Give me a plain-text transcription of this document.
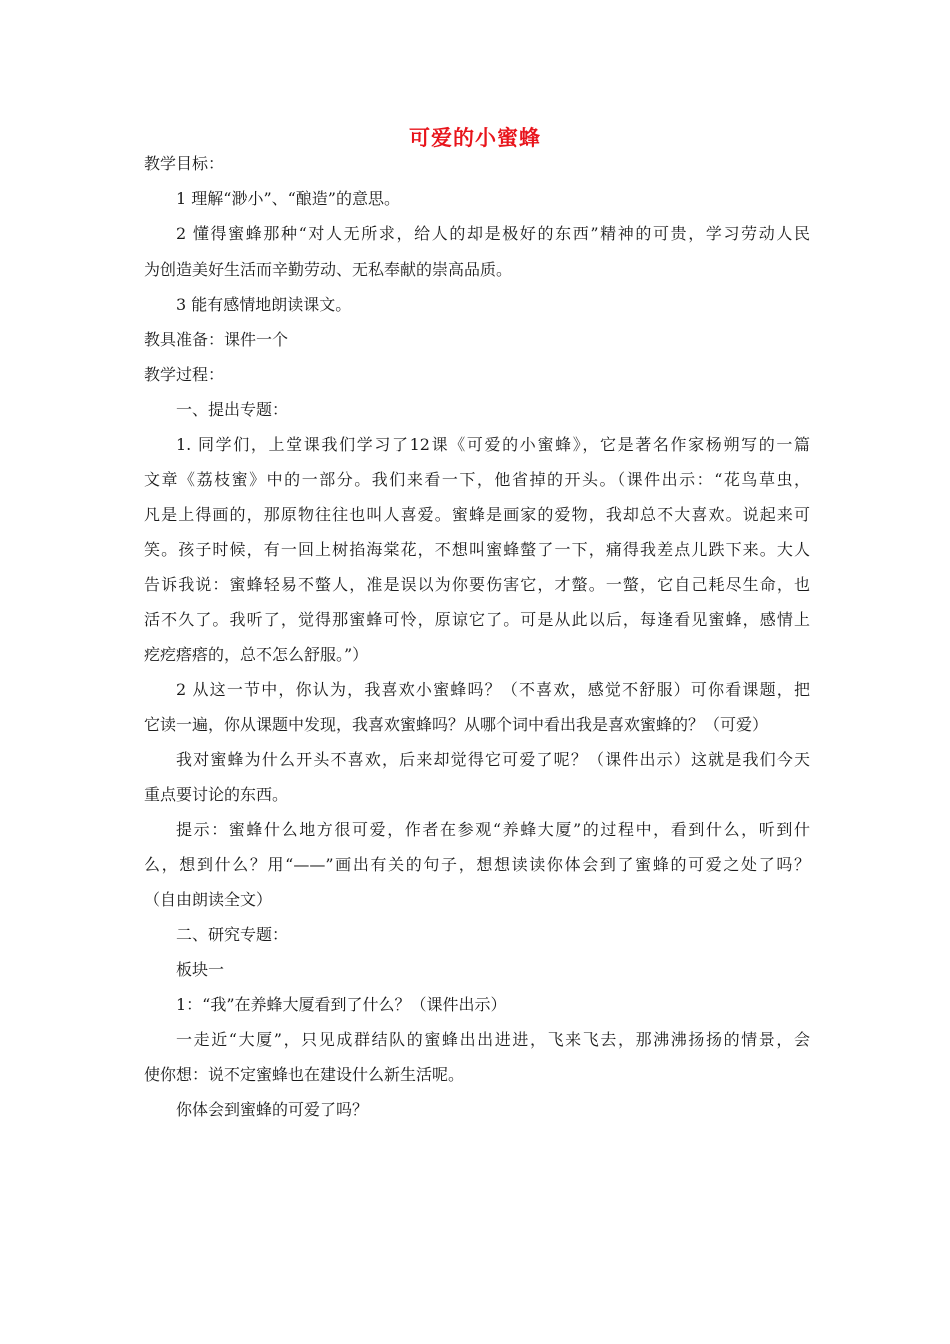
可爱的小蜜蜂
教学目标：
1 理解“渺小”、“酿造”的意思。
2 懂得蜜蜂那种“对人无所求，给人的却是极好的东西”精神的可贵，学习劳动人民
为创造美好生活而辛勤劳动、无私奉献的崇高品质。
3 能有感情地朗读课文。
教具准备：课件一个
教学过程：
一、提出专题：
1. 同学们，上堂课我们学习了12课《可爱的小蜜蜂》，它是著名作家杨朔写的一篇
文章《荔枝蜜》中的一部分。我们来看一下，他省掉的开头。（课件出示：“花鸟草虫，
凡是上得画的，那原物往往也叫人喜爱。蜜蜂是画家的爱物，我却总不大喜欢。说起来可
笑。孩子时候，有一回上树掐海棠花，不想叫蜜蜂螫了一下，痛得我差点儿跌下来。大人
告诉我说：蜜蜂轻易不螫人，准是误以为你要伤害它，才螫。一螫，它自己耗尽生命，也
活不久了。我听了，觉得那蜜蜂可怜，原谅它了。可是从此以后，每逢看见蜜蜂，感情上
疙疙瘩瘩的，总不怎么舒服。”）
2 从这一节中，你认为，我喜欢小蜜蜂吗？（不喜欢，感觉不舒服）可你看课题，把
它读一遍，你从课题中发现，我喜欢蜜蜂吗？从哪个词中看出我是喜欢蜜蜂的？（可爱）
我对蜜蜂为什么开头不喜欢，后来却觉得它可爱了呢？（课件出示）这就是我们今天
重点要讨论的东西。
提示：蜜蜂什么地方很可爱，作者在参观“养蜂大厦”的过程中，看到什么，听到什
么，想到什么？用“——”画出有关的句子，想想读读你体会到了蜜蜂的可爱之处了吗？
（自由朗读全文）
二、研究专题：
板块一
1：“我”在养蜂大厦看到了什么？（课件出示）
一走近“大厦”，只见成群结队的蜜蜂出出进进，飞来飞去，那沸沸扬扬的情景，会
使你想：说不定蜜蜂也在建设什么新生活呢。
你体会到蜜蜂的可爱了吗？
